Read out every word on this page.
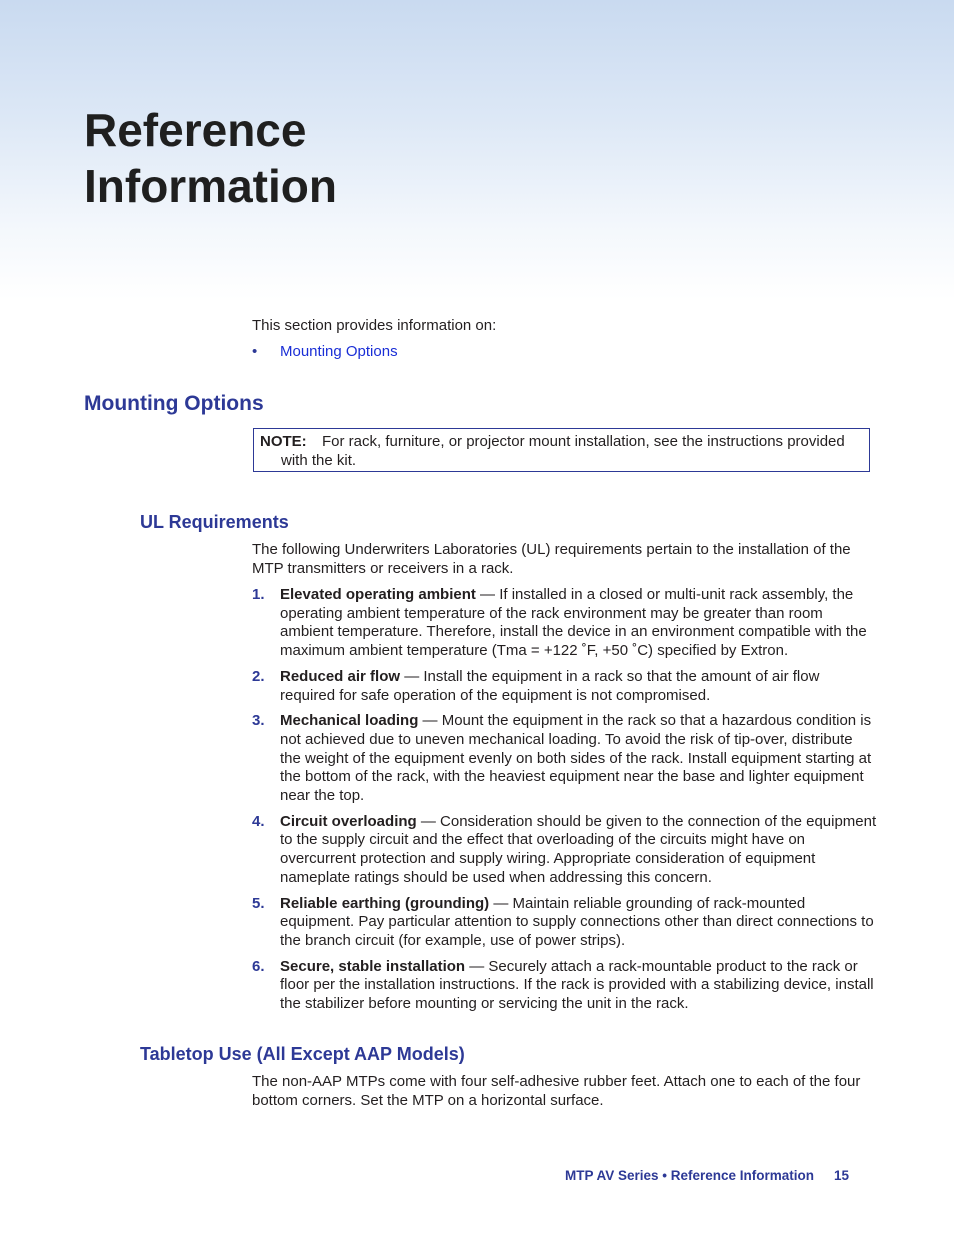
Reference
Information
This section provides information on:
• Mounting Options
Mounting Options
NOTE: For rack, furniture, or projector mount installation, see the instructions provided
with the kit.
UL Requirements
The following Underwriters Laboratories (UL) requirements pertain to the installation of the MTP transmitters or receivers in a rack.
1. Elevated operating ambient — If installed in a closed or multi-unit rack assembly, the operating ambient temperature of the rack environment may be greater than room ambient temperature. Therefore, install the device in an environment compatible with the maximum ambient temperature (Tma = +122 ˚F, +50 ˚C) specified by Extron.
2. Reduced air flow — Install the equipment in a rack so that the amount of air flow required for safe operation of the equipment is not compromised.
3. Mechanical loading — Mount the equipment in the rack so that a hazardous condition is not achieved due to uneven mechanical loading. To avoid the risk of tip-over, distribute the weight of the equipment evenly on both sides of the rack. Install equipment starting at the bottom of the rack, with the heaviest equipment near the base and lighter equipment near the top.
4. Circuit overloading — Consideration should be given to the connection of the equipment to the supply circuit and the effect that overloading of the circuits might have on overcurrent protection and supply wiring. Appropriate consideration of equipment nameplate ratings should be used when addressing this concern.
5. Reliable earthing (grounding) — Maintain reliable grounding of rack-mounted equipment. Pay particular attention to supply connections other than direct connections to the branch circuit (for example, use of power strips).
6. Secure, stable installation — Securely attach a rack-mountable product to the rack or floor per the installation instructions. If the rack is provided with a stabilizing device, install the stabilizer before mounting or servicing the unit in the rack.
Tabletop Use (All Except AAP Models)
The non-AAP MTPs come with four self-adhesive rubber feet. Attach one to each of the four bottom corners. Set the MTP on a horizontal surface.
MTP AV Series • Reference Information 15
